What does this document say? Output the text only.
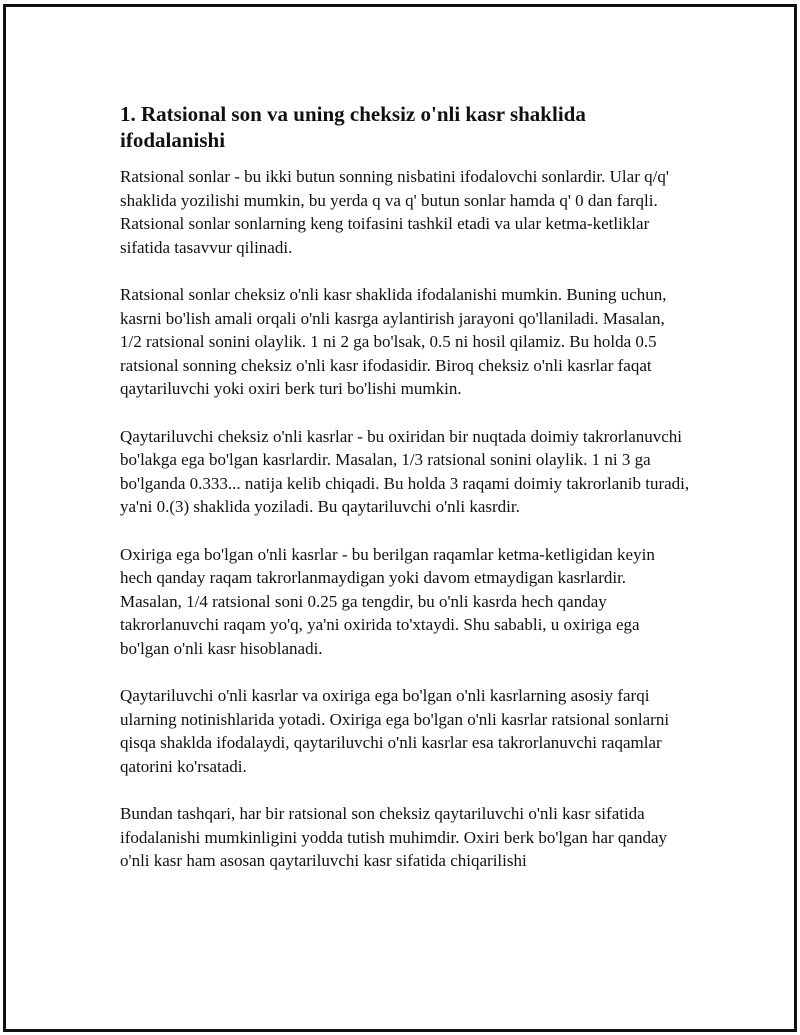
1. Ratsional son va uning cheksiz o'nli kasr shaklida ifodalanishi

Ratsional sonlar - bu ikki butun sonning nisbatini ifodalovchi sonlardir. Ular q/q' shaklida yozilishi mumkin, bu yerda q va q' butun sonlar hamda q' 0 dan farqli. Ratsional sonlar sonlarning keng toifasini tashkil etadi va ular ketma-ketliklar sifatida tasavvur qilinadi.

Ratsional sonlar cheksiz o'nli kasr shaklida ifodalanishi mumkin. Buning uchun, kasrni bo'lish amali orqali o'nli kasrga aylantirish jarayoni qo'llaniladi. Masalan, 1/2 ratsional sonini olaylik. 1 ni 2 ga bo'lsak, 0.5 ni hosil qilamiz. Bu holda 0.5 ratsional sonning cheksiz o'nli kasr ifodasidir. Biroq cheksiz o'nli kasrlar faqat qaytariluvchi yoki oxiri berk turi bo'lishi mumkin.

Qaytariluvchi cheksiz o'nli kasrlar - bu oxiridan bir nuqtada doimiy takrorlanuvchi bo'lakga ega bo'lgan kasrlardir. Masalan, 1/3 ratsional sonini olaylik. 1 ni 3 ga bo'lganda 0.333... natija kelib chiqadi. Bu holda 3 raqami doimiy takrorlanib turadi, ya'ni 0.(3) shaklida yoziladi. Bu qaytariluvchi o'nli kasrdir.

Oxiriga ega bo'lgan o'nli kasrlar - bu berilgan raqamlar ketma-ketligidan keyin hech qanday raqam takrorlanmaydigan yoki davom etmaydigan kasrlardir. Masalan, 1/4 ratsional soni 0.25 ga tengdir, bu o'nli kasrda hech qanday takrorlanuvchi raqam yo'q, ya'ni oxirida to'xtaydi. Shu sababli, u oxiriga ega bo'lgan o'nli kasr hisoblanadi.

Qaytariluvchi o'nli kasrlar va oxiriga ega bo'lgan o'nli kasrlarning asosiy farqi ularning notinishlarida yotadi. Oxiriga ega bo'lgan o'nli kasrlar ratsional sonlarni qisqa shaklda ifodalaydi, qaytariluvchi o'nli kasrlar esa takrorlanuvchi raqamlar qatorini ko'rsatadi.

Bundan tashqari, har bir ratsional son cheksiz qaytariluvchi o'nli kasr sifatida ifodalanishi mumkinligini yodda tutish muhimdir. Oxiri berk bo'lgan har qanday o'nli kasr ham asosan qaytariluvchi kasr sifatida chiqarilishi
